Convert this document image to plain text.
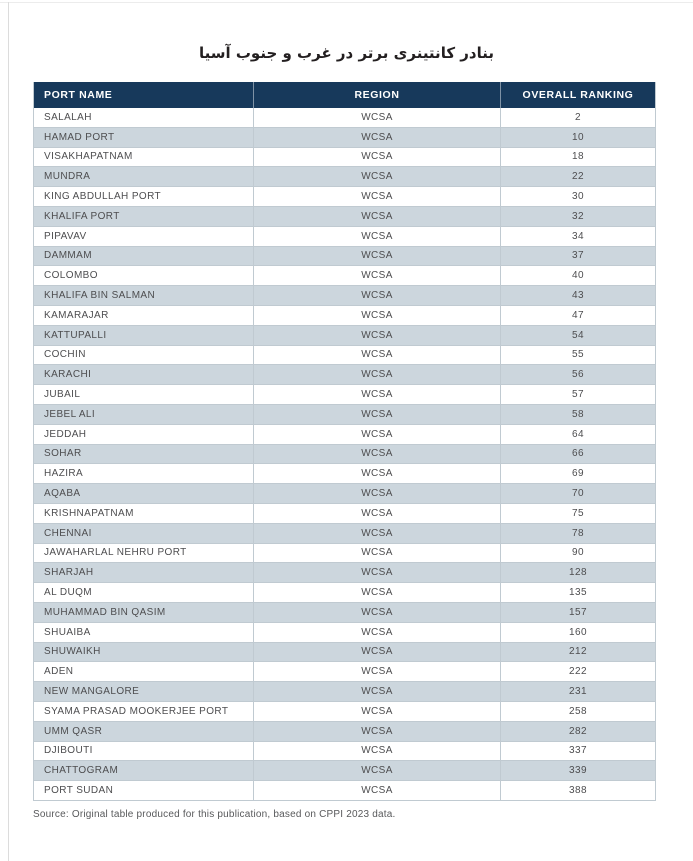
بنادر کانتینری برتر در غرب و جنوب آسیا
PORT NAME	REGION	OVERALL RANKING
SALALAH	WCSA	2
HAMAD PORT	WCSA	10
VISAKHAPATNAM	WCSA	18
MUNDRA	WCSA	22
KING ABDULLAH PORT	WCSA	30
KHALIFA PORT	WCSA	32
PIPAVAV	WCSA	34
DAMMAM	WCSA	37
COLOMBO	WCSA	40
KHALIFA BIN SALMAN	WCSA	43
KAMARAJAR	WCSA	47
KATTUPALLI	WCSA	54
COCHIN	WCSA	55
KARACHI	WCSA	56
JUBAIL	WCSA	57
JEBEL ALI	WCSA	58
JEDDAH	WCSA	64
SOHAR	WCSA	66
HAZIRA	WCSA	69
AQABA	WCSA	70
KRISHNAPATNAM	WCSA	75
CHENNAI	WCSA	78
JAWAHARLAL NEHRU PORT	WCSA	90
SHARJAH	WCSA	128
AL DUQM	WCSA	135
MUHAMMAD BIN QASIM	WCSA	157
SHUAIBA	WCSA	160
SHUWAIKH	WCSA	212
ADEN	WCSA	222
NEW MANGALORE	WCSA	231
SYAMA PRASAD MOOKERJEE PORT	WCSA	258
UMM QASR	WCSA	282
DJIBOUTI	WCSA	337
CHATTOGRAM	WCSA	339
PORT SUDAN	WCSA	388
Source: Original table produced for this publication, based on CPPI 2023 data.
